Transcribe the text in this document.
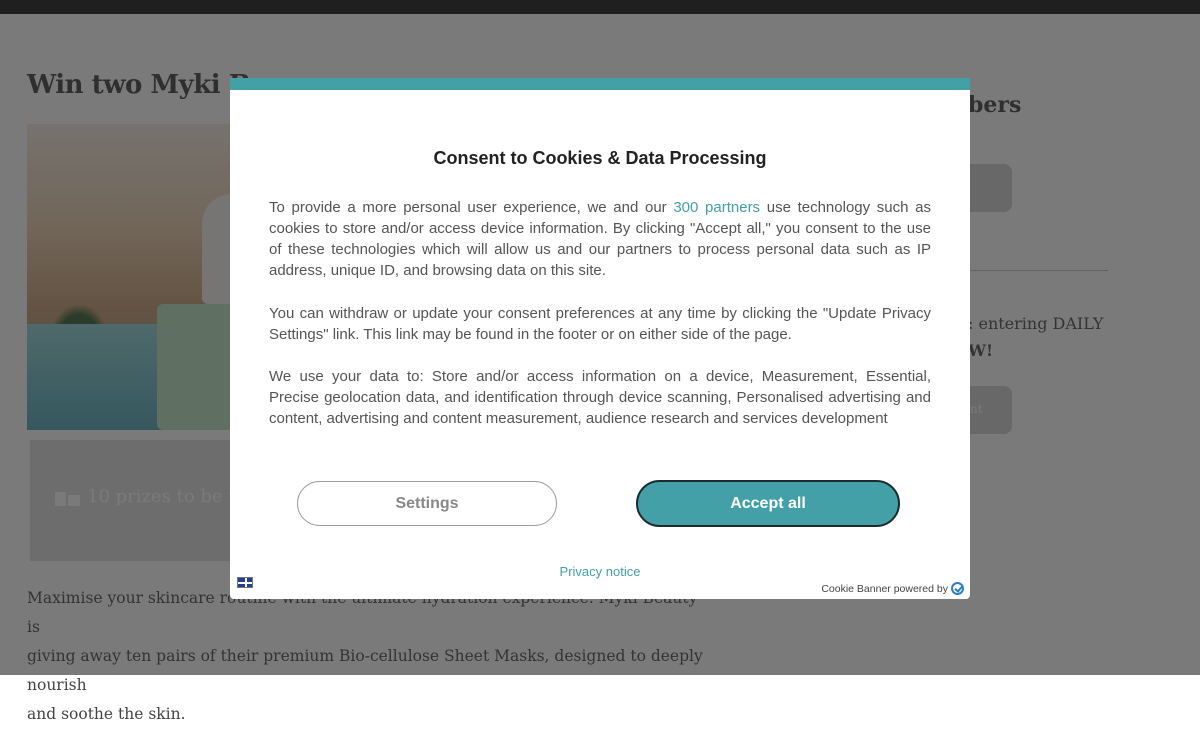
nourish
and soothe the skin.
Consent to Cookies & Data Processing

To provide a more personal user experience, we and our 300 partners use technology such as cookies to store and/or access device information. By clicking "Accept all," you consent to the use of these technologies which will allow us and our partners to process personal data such as IP address, unique ID, and browsing data on this site.

You can withdraw or update your consent preferences at any time by clicking the "Update Privacy Settings" link. This link may be found in the footer or on either side of the page.

We use your data to: Store and/or access information on a device, Measurement, Essential, Precise geolocation data, and identification through device scanning, Personalised advertising and content, advertising and content measurement, audience research and services development

Settings	Accept all
Privacy notice
Cookie Banner powered by
